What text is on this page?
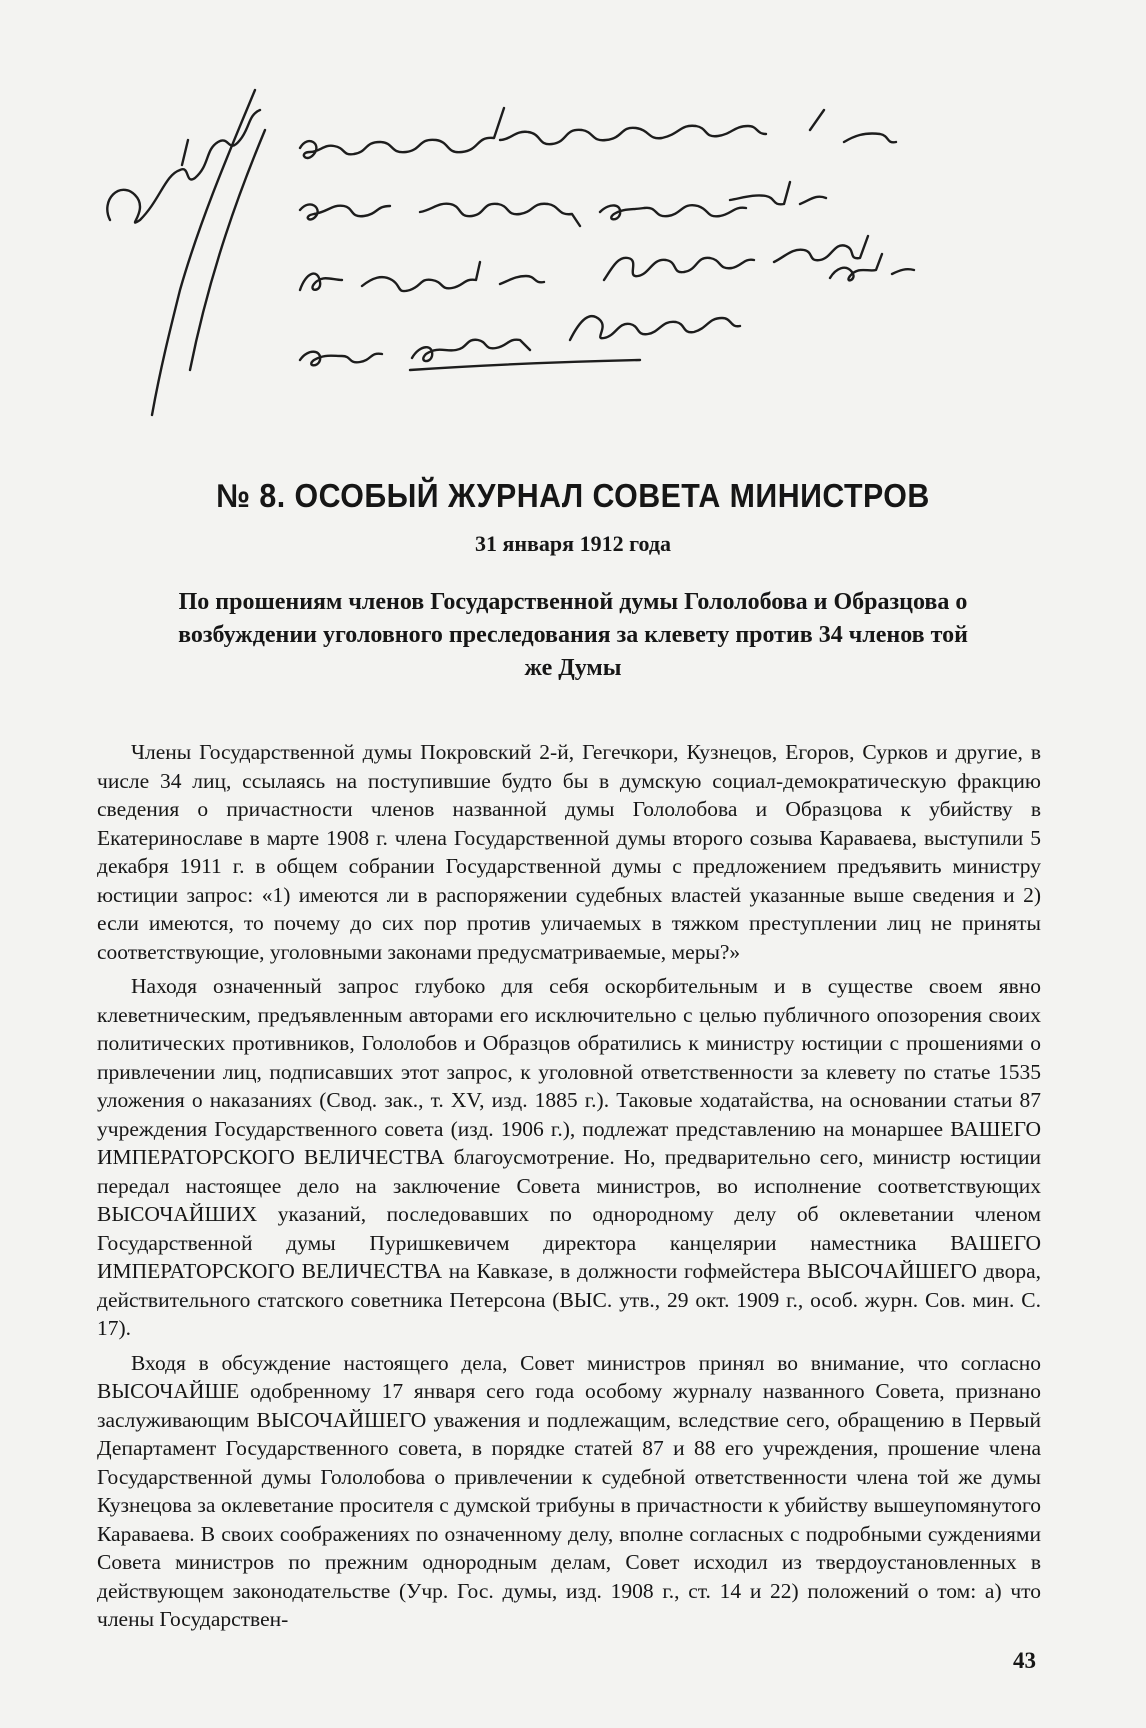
№ 8. ОСОБЫЙ ЖУРНАЛ СОВЕТА МИНИСТРОВ
31 января 1912 года
По прошениям членов Государственной думы Гололобова и Образцова о возбуждении уголовного преследования за клевету против 34 членов той же Думы

Члены Государственной думы Покровский 2-й, Гегечкори, Кузнецов, Егоров, Сурков и другие, в числе 34 лиц, ссылаясь на поступившие будто бы в думскую социал-демократическую фракцию сведения о причастности членов названной думы Гололобова и Образцова к убийству в Екатеринославе в марте 1908 г. члена Государственной думы второго созыва Караваева, выступили 5 декабря 1911 г. в общем собрании Государственной думы с предложением предъявить министру юстиции запрос: «1) имеются ли в распоряжении судебных властей указанные выше сведения и 2) если имеются, то почему до сих пор против уличаемых в тяжком преступлении лиц не приняты соответствующие, уголовными законами предусматриваемые, меры?»

Находя означенный запрос глубоко для себя оскорбительным и в существе своем явно клеветническим, предъявленным авторами его исключительно с целью публичного опозорения своих политических противников, Гололобов и Образцов обратились к министру юстиции с прошениями о привлечении лиц, подписавших этот запрос, к уголовной ответственности за клевету по статье 1535 уложения о наказаниях (Свод. зак., т. XV, изд. 1885 г.). Таковые ходатайства, на основании статьи 87 учреждения Государственного совета (изд. 1906 г.), подлежат представлению на монаршее ВАШЕГО ИМПЕРАТОРСКОГО ВЕЛИЧЕСТВА благоусмотрение. Но, предварительно сего, министр юстиции передал настоящее дело на заключение Совета министров, во исполнение соответствующих ВЫСОЧАЙШИХ указаний, последовавших по однородному делу об оклеветании членом Государственной думы Пуришкевичем директора канцелярии наместника ВАШЕГО ИМПЕРАТОРСКОГО ВЕЛИЧЕСТВА на Кавказе, в должности гофмейстера ВЫСОЧАЙШЕГО двора, действительного статского советника Петерсона (ВЫС. утв., 29 окт. 1909 г., особ. журн. Сов. мин. С. 17).

Входя в обсуждение настоящего дела, Совет министров принял во внимание, что согласно ВЫСОЧАЙШЕ одобренному 17 января сего года особому журналу названного Совета, признано заслуживающим ВЫСОЧАЙШЕГО уважения и подлежащим, вследствие сего, обращению в Первый Департамент Государственного совета, в порядке статей 87 и 88 его учреждения, прошение члена Государственной думы Гололобова о привлечении к судебной ответственности члена той же думы Кузнецова за оклеветание просителя с думской трибуны в причастности к убийству вышеупомянутого Караваева. В своих соображениях по означенному делу, вполне согласных с подробными суждениями Совета министров по прежним однородным делам, Совет исходил из твердоустановленных в действующем законодательстве (Учр. Гос. думы, изд. 1908 г., ст. 14 и 22) положений о том: а) что члены Государствен-

43
